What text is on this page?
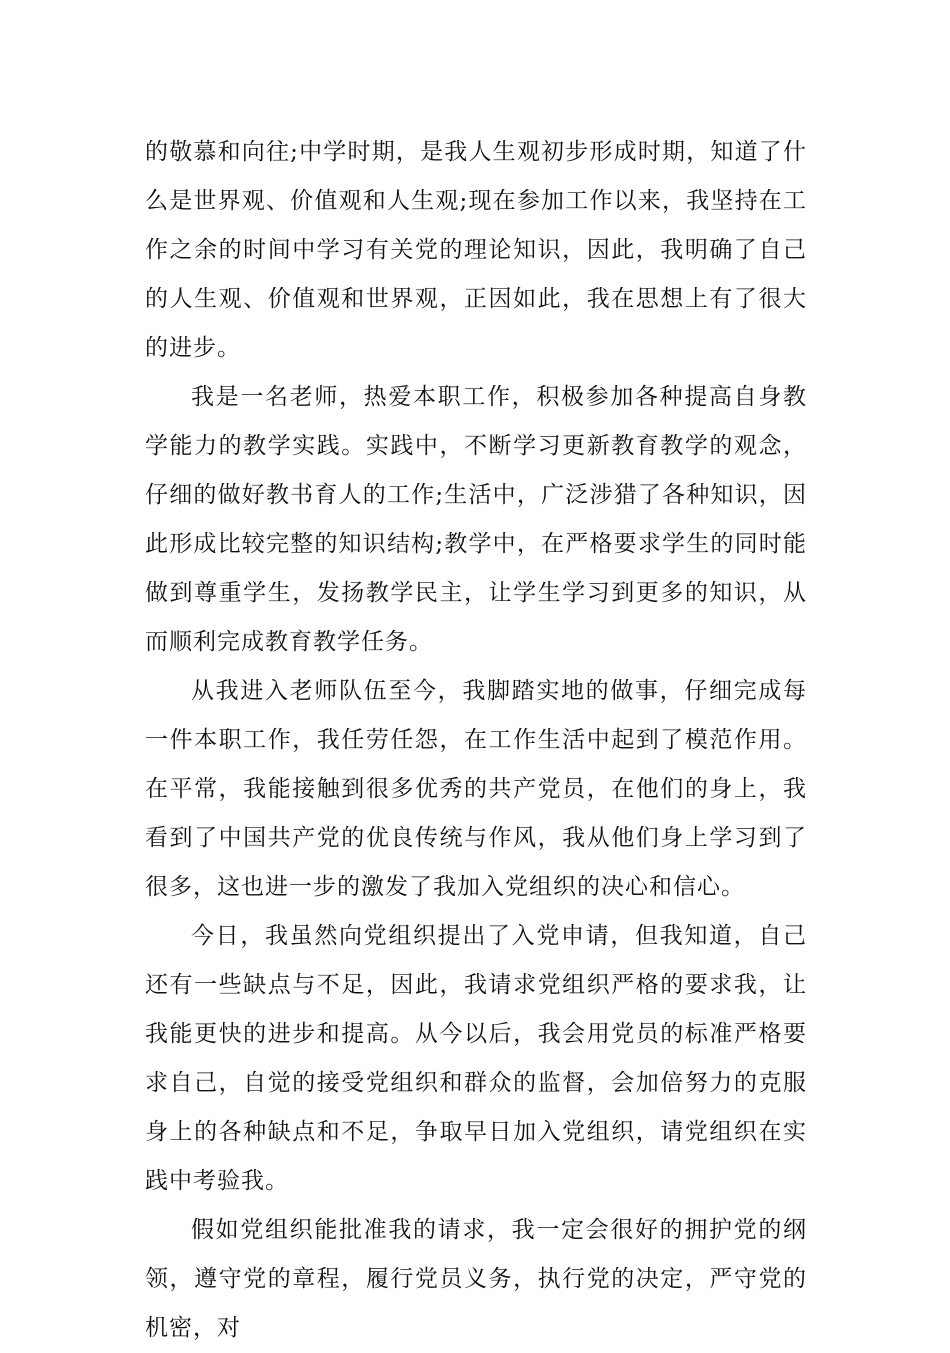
的敬慕和向往;中学时期，是我人生观初步形成时期，知道了什么是世界观、价值观和人生观;现在参加工作以来，我坚持在工作之余的时间中学习有关党的理论知识，因此，我明确了自己的人生观、价值观和世界观，正因如此，我在思想上有了很大的进步。

我是一名老师，热爱本职工作，积极参加各种提高自身教学能力的教学实践。实践中，不断学习更新教育教学的观念，仔细的做好教书育人的工作;生活中，广泛涉猎了各种知识，因此形成比较完整的知识结构;教学中，在严格要求学生的同时能做到尊重学生，发扬教学民主，让学生学习到更多的知识，从而顺利完成教育教学任务。

从我进入老师队伍至今，我脚踏实地的做事，仔细完成每一件本职工作，我任劳任怨，在工作生活中起到了模范作用。在平常，我能接触到很多优秀的共产党员，在他们的身上，我看到了中国共产党的优良传统与作风，我从他们身上学习到了很多，这也进一步的激发了我加入党组织的决心和信心。

今日，我虽然向党组织提出了入党申请，但我知道，自己还有一些缺点与不足，因此，我请求党组织严格的要求我，让我能更快的进步和提高。从今以后，我会用党员的标准严格要求自己，自觉的接受党组织和群众的监督，会加倍努力的克服身上的各种缺点和不足，争取早日加入党组织，请党组织在实践中考验我。

假如党组织能批准我的请求，我一定会很好的拥护党的纲领，遵守党的章程，履行党员义务，执行党的决定，严守党的机密，对
